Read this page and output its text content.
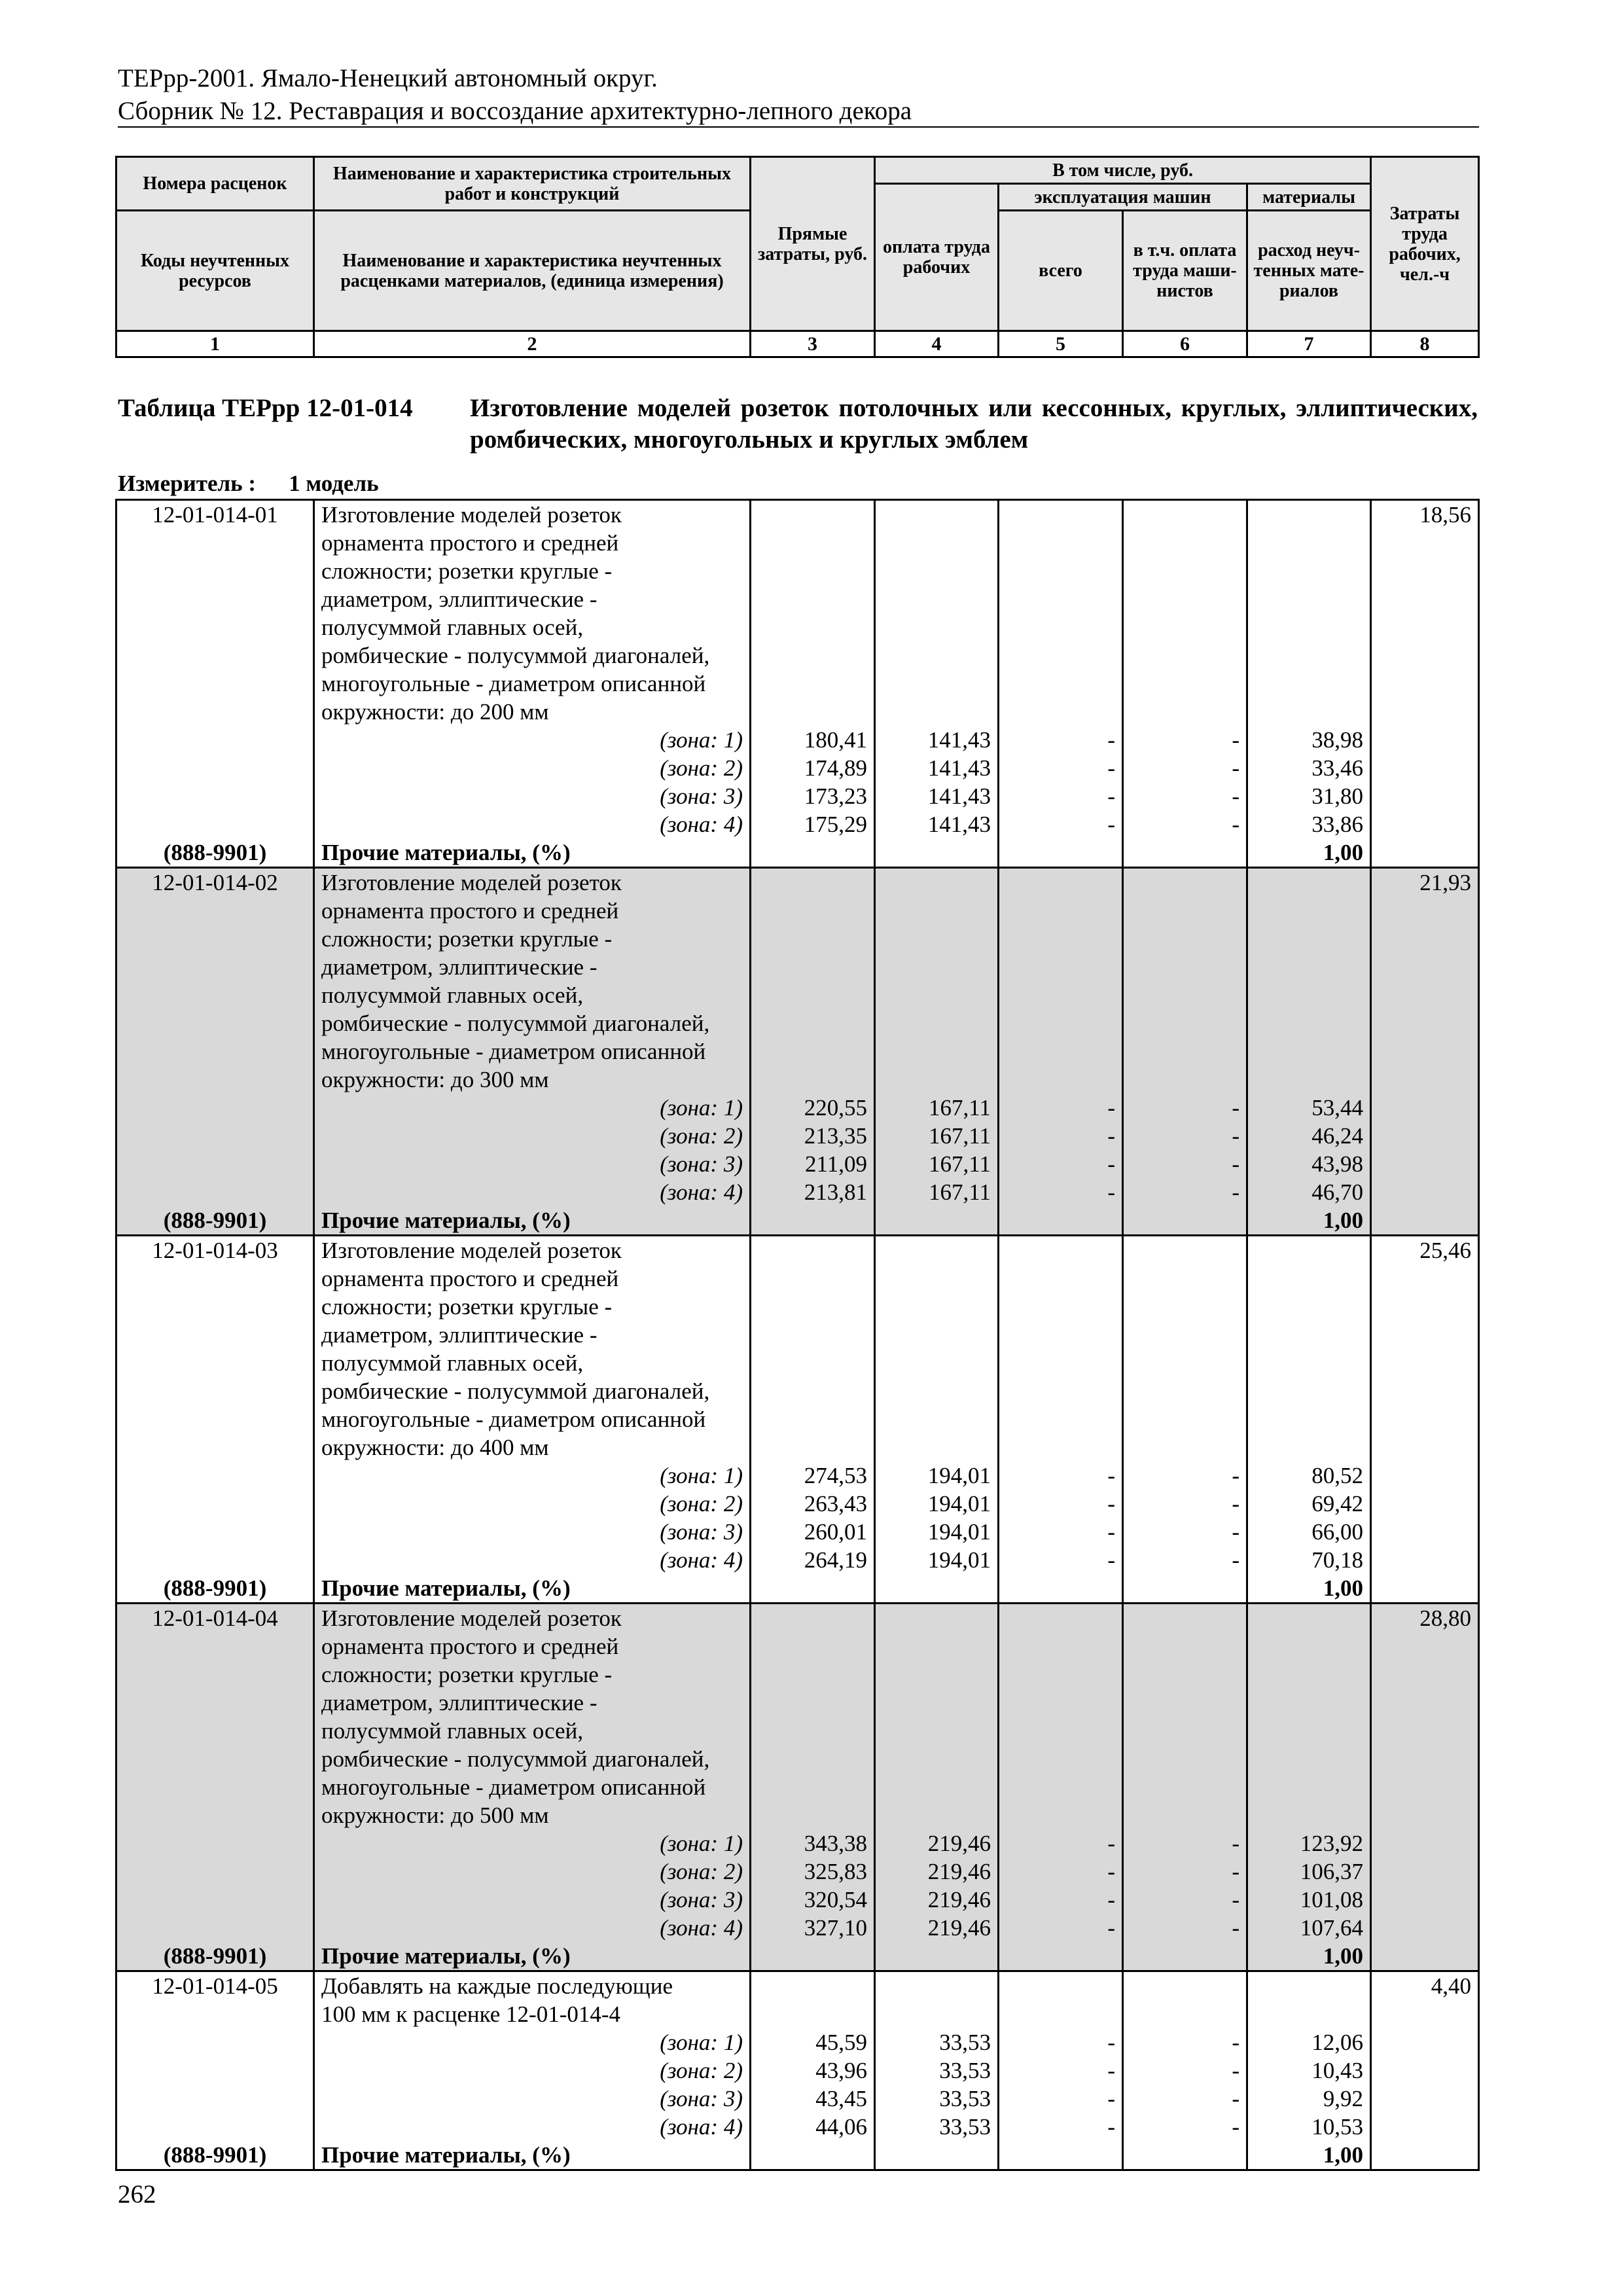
ТЕРрр-2001. Ямало-Ненецкий автономный округ.
Сборник № 12. Реставрация и воссоздание архитектурно-лепного декора
Номера расценок	Наименование и характеристика строительных работ и конструкций	Прямые затраты, руб.	В том числе, руб.				Затраты труда рабочих, чел.-ч
			оплата труда рабочих	эксплуатация машин		материалы	
Коды неучтенных ресурсов	Наименование и характеристика неучтенных расценками материалов, (единица измерения)			всего	в т.ч. оплата труда маши-нистов	расход неуч-тенных мате-риалов	

1	2	3	4	5	6	7	8
Таблица ТЕРрр 12-01-014 Изготовление моделей розеток потолочных или кессонных, круглых, эллиптических, ромбических, многоугольных и круглых эмблем
Измеритель : 1 модель
12-01-014-01	Изготовление моделей розеток						18,56
	орнамента простого и средней						
	сложности; розетки круглые -						
	диаметром, эллиптические -						
	полусуммой главных осей,						
	ромбические - полусуммой диагоналей,						
	многоугольные - диаметром описанной						
	окружности: до 200 мм						
	(зона: 1)	180,41	141,43	-	-	38,98	
	(зона: 2)	174,89	141,43	-	-	33,46	
	(зона: 3)	173,23	141,43	-	-	31,80	
	(зона: 4)	175,29	141,43	-	-	33,86	
(888-9901)	Прочие материалы, (%)					1,00	
12-01-014-02	Изготовление моделей розеток						21,93
	орнамента простого и средней						
	сложности; розетки круглые -						
	диаметром, эллиптические -						
	полусуммой главных осей,						
	ромбические - полусуммой диагоналей,						
	многоугольные - диаметром описанной						
	окружности: до 300 мм						
	(зона: 1)	220,55	167,11	-	-	53,44	
	(зона: 2)	213,35	167,11	-	-	46,24	
	(зона: 3)	211,09	167,11	-	-	43,98	
	(зона: 4)	213,81	167,11	-	-	46,70	
(888-9901)	Прочие материалы, (%)					1,00	
12-01-014-03	Изготовление моделей розеток						25,46
	орнамента простого и средней						
	сложности; розетки круглые -						
	диаметром, эллиптические -						
	полусуммой главных осей,						
	ромбические - полусуммой диагоналей,						
	многоугольные - диаметром описанной						
	окружности: до 400 мм						
	(зона: 1)	274,53	194,01	-	-	80,52	
	(зона: 2)	263,43	194,01	-	-	69,42	
	(зона: 3)	260,01	194,01	-	-	66,00	
	(зона: 4)	264,19	194,01	-	-	70,18	
(888-9901)	Прочие материалы, (%)					1,00	
12-01-014-04	Изготовление моделей розеток						28,80
	орнамента простого и средней						
	сложности; розетки круглые -						
	диаметром, эллиптические -						
	полусуммой главных осей,						
	ромбические - полусуммой диагоналей,						
	многоугольные - диаметром описанной						
	окружности: до 500 мм						
	(зона: 1)	343,38	219,46	-	-	123,92	
	(зона: 2)	325,83	219,46	-	-	106,37	
	(зона: 3)	320,54	219,46	-	-	101,08	
	(зона: 4)	327,10	219,46	-	-	107,64	
(888-9901)	Прочие материалы, (%)					1,00	
12-01-014-05	Добавлять на каждые последующие						4,40
	100 мм к расценке 12-01-014-4						
	(зона: 1)	45,59	33,53	-	-	12,06	
	(зона: 2)	43,96	33,53	-	-	10,43	
	(зона: 3)	43,45	33,53	-	-	9,92	
	(зона: 4)	44,06	33,53	-	-	10,53	
(888-9901)	Прочие материалы, (%)					1,00	
262
